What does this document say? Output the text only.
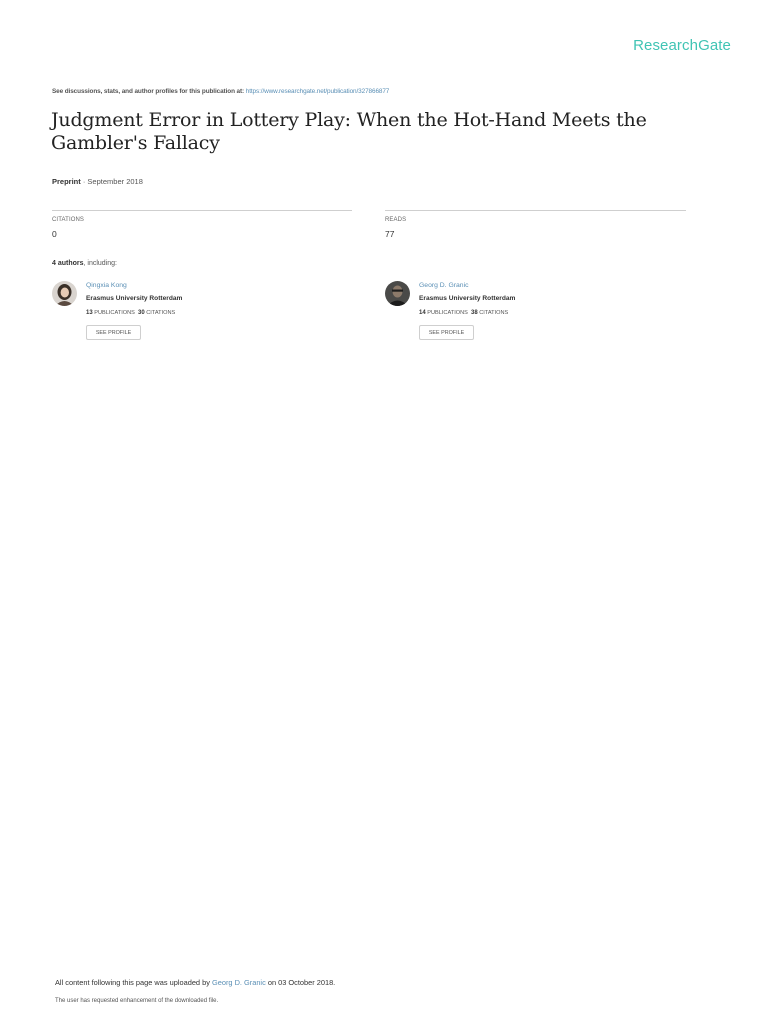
ResearchGate
See discussions, stats, and author profiles for this publication at: https://www.researchgate.net/publication/327866877
Judgment Error in Lottery Play: When the Hot-Hand Meets the Gambler's Fallacy
Preprint · September 2018
CITATIONS
0
READS
77
4 authors, including:
Qingxia Kong
Erasmus University Rotterdam
13 PUBLICATIONS 30 CITATIONS
SEE PROFILE
Georg D. Granic
Erasmus University Rotterdam
14 PUBLICATIONS 38 CITATIONS
SEE PROFILE
All content following this page was uploaded by Georg D. Granic on 03 October 2018.
The user has requested enhancement of the downloaded file.
